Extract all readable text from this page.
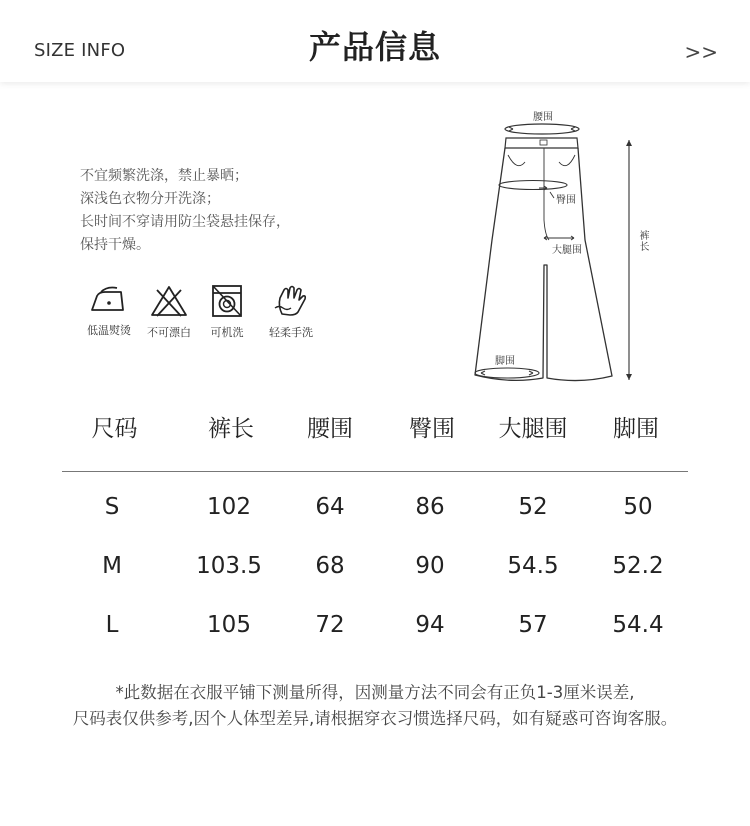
SIZE INFO	产品信息	>>
不宜频繁洗涤，禁止暴晒；
深浅色衣物分开洗涤；
长时间不穿请用防尘袋悬挂保存，
保持干燥。
低温熨烫	不可漂白	可机洗	轻柔手洗
腰围
臀围
大腿围
脚围
裤长
尺码	裤长	腰围	臀围	大腿围	脚围
S	102	64	86	52	50
M	103.5	68	90	54.5	52.2
L	105	72	94	57	54.4
*此数据在衣服平铺下测量所得，因测量方法不同会有正负1-3厘米误差,
尺码表仅供参考,因个人体型差异,请根据穿衣习惯选择尺码，如有疑惑可咨询客服。
